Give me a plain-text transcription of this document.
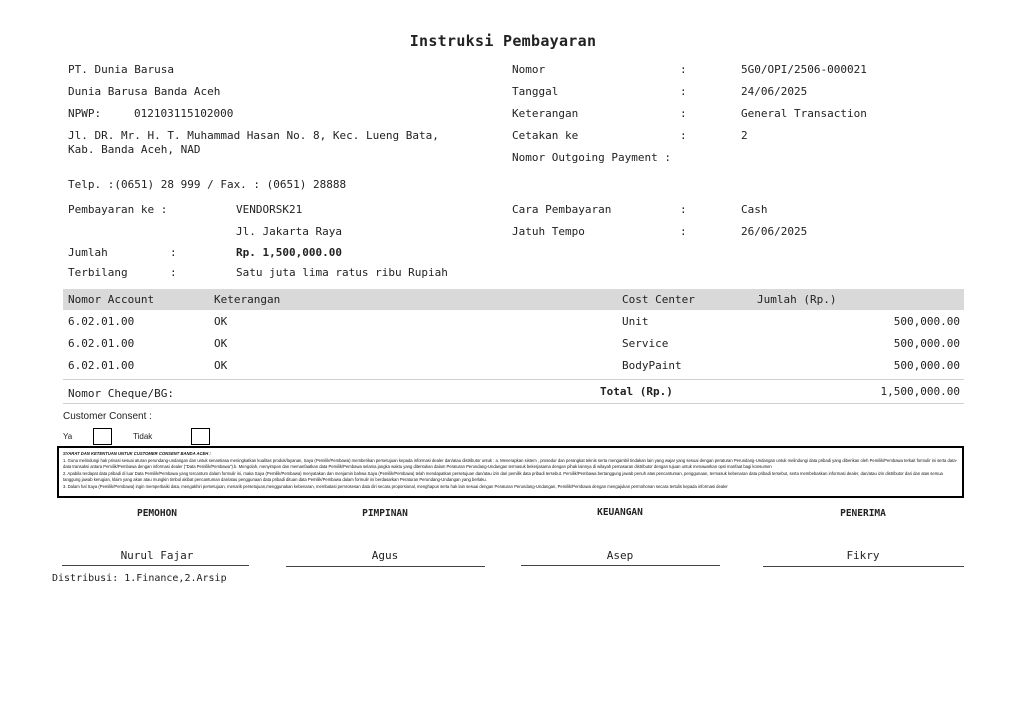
Instruksi Pembayaran
PT. Dunia Barusa
Dunia Barusa Banda Aceh
NPWP:	012103115102000
Jl. DR. Mr. H. T. Muhammad Hasan No. 8, Kec. Lueng Bata,
Kab. Banda Aceh, NAD
Telp. :(0651) 28 999 / Fax. : (0651) 28888
Nomor	:	5G0/OPI/2506-000021
Tanggal	:	24/06/2025
Keterangan	:	General Transaction
Cetakan ke	:	2
Nomor Outgoing Payment :
Pembayaran ke :	VENDORSK21
Jl. Jakarta Raya
Cara Pembayaran	:	Cash
Jatuh Tempo	:	26/06/2025
Jumlah	:	Rp. 1,500,000.00
Terbilang	:	Satu juta lima ratus ribu Rupiah
Nomor Account	Keterangan	Cost Center	Jumlah (Rp.)
6.02.01.00	OK	Unit	500,000.00
6.02.01.00	OK	Service	500,000.00
6.02.01.00	OK	BodyPaint	500,000.00
Nomor Cheque/BG:	Total (Rp.)	1,500,000.00
Customer Consent :
Ya	Tidak

SYARAT DAN KETENTUAN UNTUK CUSTOMER CONSENT BANDA ACEH :

1. Guna melindungi hak privasi sesuai aturan perundang-undangan dan untuk senantiasa meningkatkan kualitas produk/layanan, Saya (Pemilik/Pembawa) memberikan persetujuan kepada informasi dealer dan/atau distributor untuk : a. Menerapkan sistem , prosedur dan perangkat teknis serta mengambil tindakan lain yang wajar yang sesuai dengan peraturan Perundang-Undangan untuk melindungi data pribadi yang diberikan oleh Pemilik/Pembawa terkait formulir ini serta data-data transaksi antara Pemilik/Pembawa dengan informasi dealer ("Data Pemilik/Pembawa").b. Mengolah, menyimpan dan memanfaatkan data Pemilik/Pembawa selama jangka waktu yang ditentukan dalam Peraturan Perundang-Undangan termasuk bekerjasama dengan pihak lainnya di wilayah pemasaran distributor dengan tujuan untuk menawarkan opsi manfaat bagi konsumen

2. Apabila terdapat data pribadi di luar Data Pemilik/Pembawa yang tercantum dalam formulir ini, maka Saya (Pemilik/Pembawa) menyatakan dan menjamin bahwa Saya (Pemilik/Pembawa) telah mendapatkan persetujuan dan/atau izin dari pemilik data pribadi tersebut. Pemilik/Pembawa bertanggung jawab penuh atas pencantuman, penggunaan, termasuk kebenaran data pribadi tersebut, serta membebaskan informasi dealer, dan/atau izin distributor dari dan atas semua tanggung jawab kerugian, klaim yang akan atau mungkin timbul akibat pencantuman dan/atau penggunaan data pribadi dituan data Pemilik/Pembawa dalam formulir ini berdasarkan Peraturan Perundang-Undangan yang berlaku.

3. Dalam hal Saya (Pemilik/Pembawa) ingin memperbaiki data, mengakhiri persetujuan, menarik persetujuan,menggunakan kebenaran, membatasi pemrosesan data diri secara proporsional, menghapus serta hak lain sesuai dengan Peraturan Perundang-Undangan, Pemilik/Pembawa dengan mengajukan permohonan secara tertulis kepada informasi dealer

PEMOHON	PIMPINAN	KEUANGAN	PENERIMA
Nurul Fajar	Agus	Asep	Fikry
Distribusi: 1.Finance,2.Arsip
